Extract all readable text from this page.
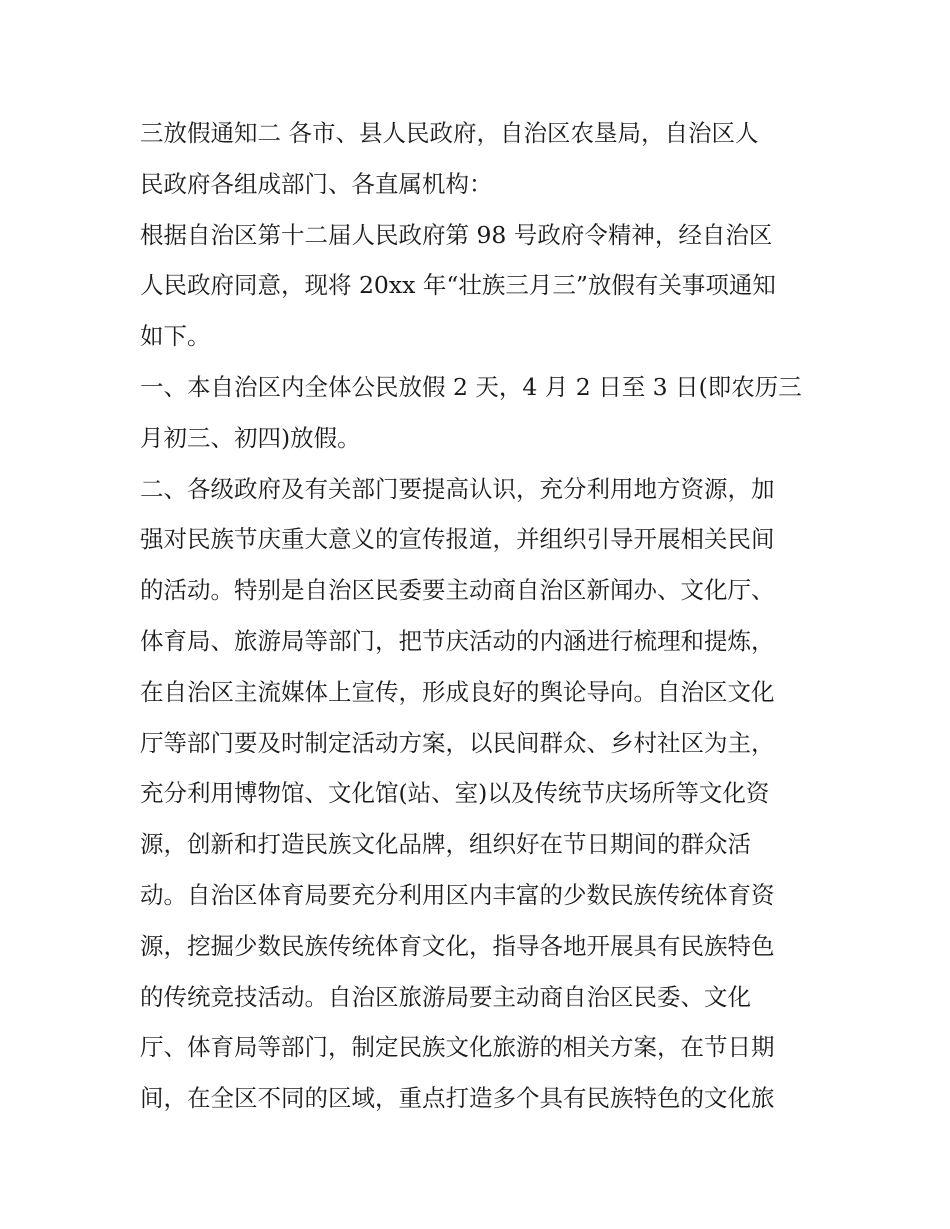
三放假通知二 各市、县人民政府，自治区农垦局，自治区人
民政府各组成部门、各直属机构：
根据自治区第十二届人民政府第 98 号政府令精神，经自治区
人民政府同意，现将 20xx 年“壮族三月三”放假有关事项通知
如下。
一、本自治区内全体公民放假 2 天，4 月 2 日至 3 日(即农历三
月初三、初四)放假。
二、各级政府及有关部门要提高认识，充分利用地方资源，加
强对民族节庆重大意义的宣传报道，并组织引导开展相关民间
的活动。特别是自治区民委要主动商自治区新闻办、文化厅、
体育局、旅游局等部门，把节庆活动的内涵进行梳理和提炼，
在自治区主流媒体上宣传，形成良好的舆论导向。自治区文化
厅等部门要及时制定活动方案，以民间群众、乡村社区为主，
充分利用博物馆、文化馆(站、室)以及传统节庆场所等文化资
源，创新和打造民族文化品牌，组织好在节日期间的群众活
动。自治区体育局要充分利用区内丰富的少数民族传统体育资
源，挖掘少数民族传统体育文化，指导各地开展具有民族特色
的传统竞技活动。自治区旅游局要主动商自治区民委、文化
厅、体育局等部门，制定民族文化旅游的相关方案，在节日期
间，在全区不同的区域，重点打造多个具有民族特色的文化旅
